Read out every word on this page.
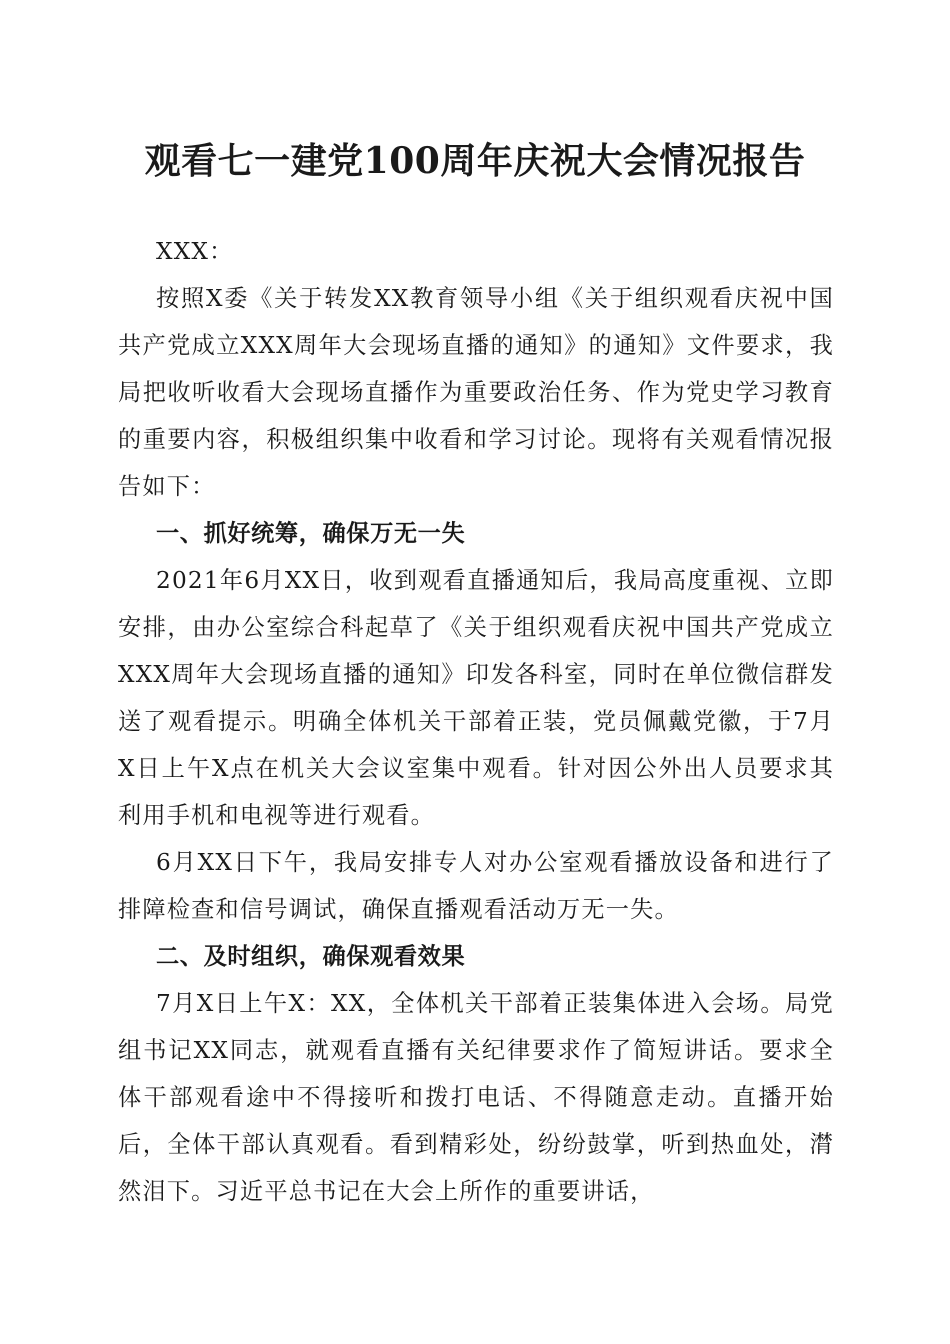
观看七一建党100周年庆祝大会情况报告

XXX：

按照X委《关于转发XX教育领导小组《关于组织观看庆祝中国共产党成立XXX周年大会现场直播的通知》的通知》文件要求，我局把收听收看大会现场直播作为重要政治任务、作为党史学习教育的重要内容，积极组织集中收看和学习讨论。现将有关观看情况报告如下：

一、抓好统筹，确保万无一失

2021年6月XX日，收到观看直播通知后，我局高度重视、立即安排，由办公室综合科起草了《关于组织观看庆祝中国共产党成立XXX周年大会现场直播的通知》印发各科室，同时在单位微信群发送了观看提示。明确全体机关干部着正装，党员佩戴党徽，于7月X日上午X点在机关大会议室集中观看。针对因公外出人员要求其利用手机和电视等进行观看。

6月XX日下午，我局安排专人对办公室观看播放设备和进行了排障检查和信号调试，确保直播观看活动万无一失。

二、及时组织，确保观看效果

7月X日上午X：XX，全体机关干部着正装集体进入会场。局党组书记XX同志，就观看直播有关纪律要求作了简短讲话。要求全体干部观看途中不得接听和拨打电话、不得随意走动。直播开始后，全体干部认真观看。看到精彩处，纷纷鼓掌，听到热血处，潸然泪下。习近平总书记在大会上所作的重要讲话，
